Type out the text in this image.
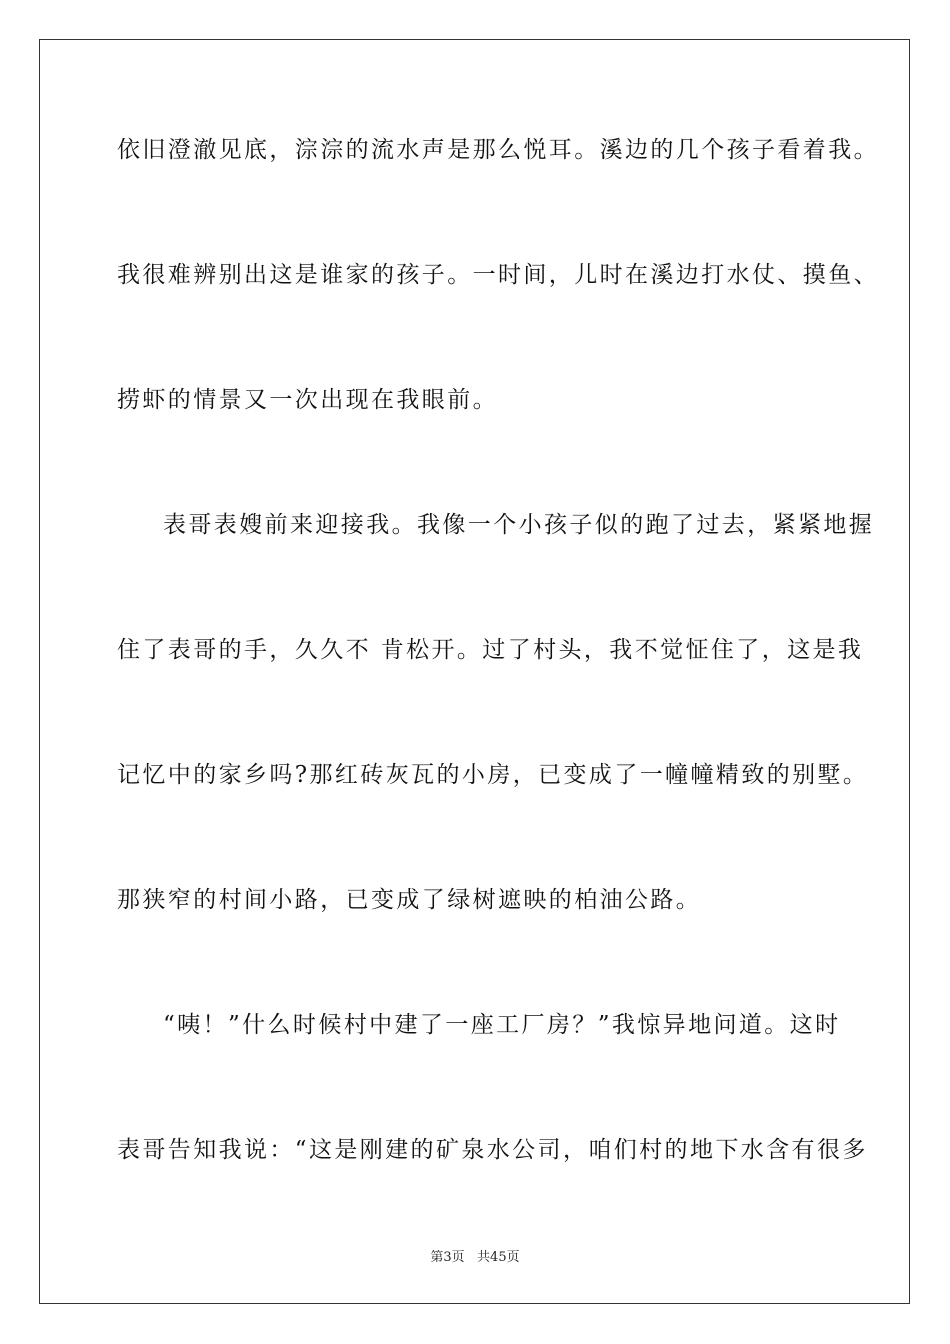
依旧澄澈见底，淙淙的流水声是那么悦耳。溪边的几个孩子看着我。
我很难辨别出这是谁家的孩子。一时间，儿时在溪边打水仗、摸鱼、
捞虾的情景又一次出现在我眼前。
表哥表嫂前来迎接我。我像一个小孩子似的跑了过去，紧紧地握
住了表哥的手，久久不 肯松开。过了村头，我不觉怔住了，这是我
记忆中的家乡吗?那红砖灰瓦的小房，已变成了一幢幢精致的别墅。
那狭窄的村间小路，已变成了绿树遮映的柏油公路。
“咦！”什么时候村中建了一座工厂房？”我惊异地问道。这时
表哥告知我说：“这是刚建的矿泉水公司，咱们村的地下水含有很多
第3页   共45页
